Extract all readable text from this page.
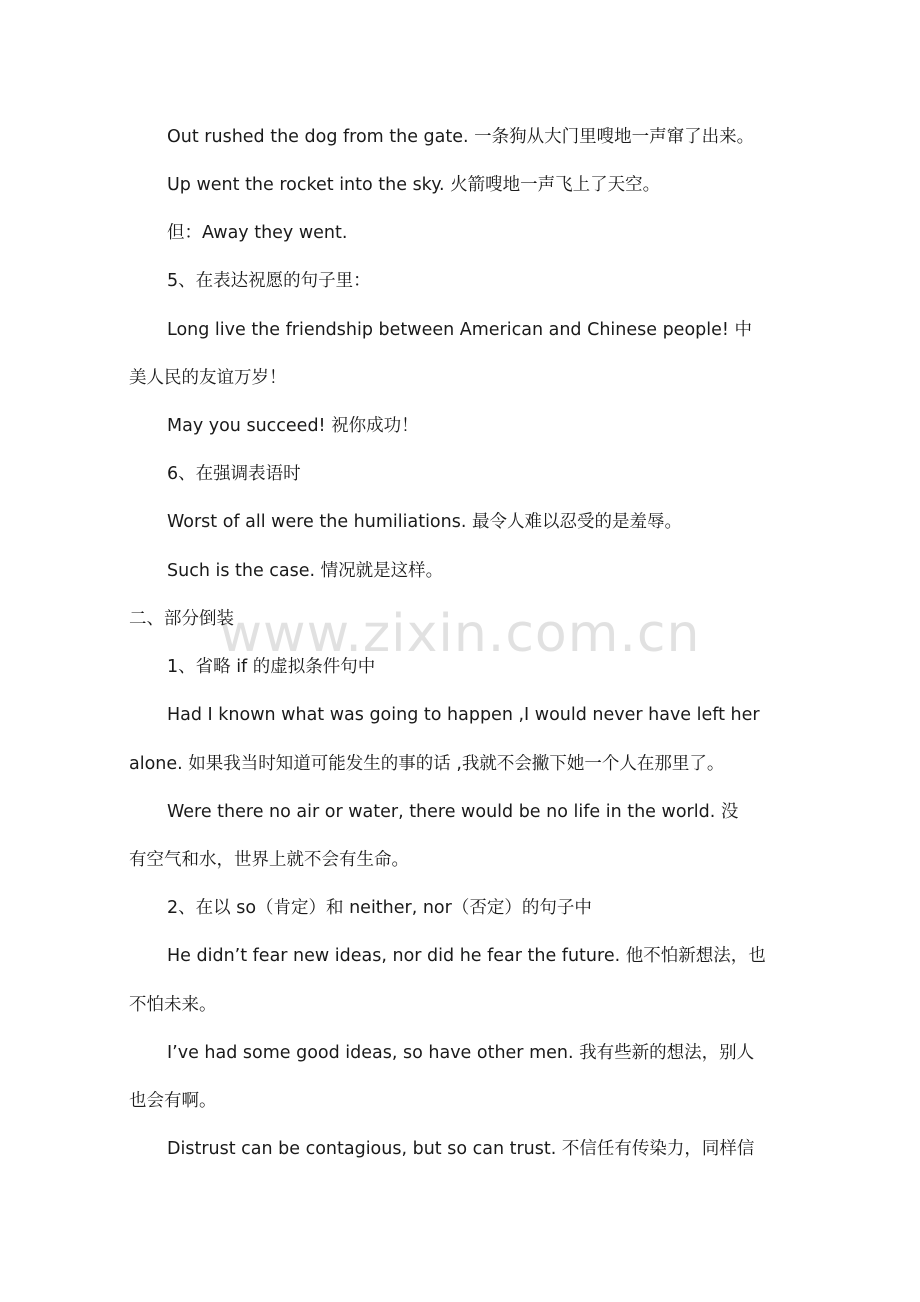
www.zixin.com.cn
Out rushed the dog from the gate. 一条狗从大门里嗖地一声窜了出来。
Up went the rocket into the sky. 火箭嗖地一声飞上了天空。
但：Away they went.
5、在表达祝愿的句子里：
Long live the friendship between American and Chinese people! 中
美人民的友谊万岁！
May you succeed! 祝你成功！
6、在强调表语时
Worst of all were the humiliations. 最令人难以忍受的是羞辱。
Such is the case. 情况就是这样。
二、部分倒装
1、省略 if 的虚拟条件句中
Had I known what was going to happen ,I would never have left her
alone. 如果我当时知道可能发生的事的话 ,我就不会撇下她一个人在那里了。
Were there no air or water, there would be no life in the world. 没
有空气和水，世界上就不会有生命。
2、在以 so（肯定）和 neither, nor（否定）的句子中
He didn’t fear new ideas, nor did he fear the future. 他不怕新想法，也
不怕未来。
I’ve had some good ideas, so have other men. 我有些新的想法，别人
也会有啊。
Distrust can be contagious, but so can trust. 不信任有传染力，同样信
